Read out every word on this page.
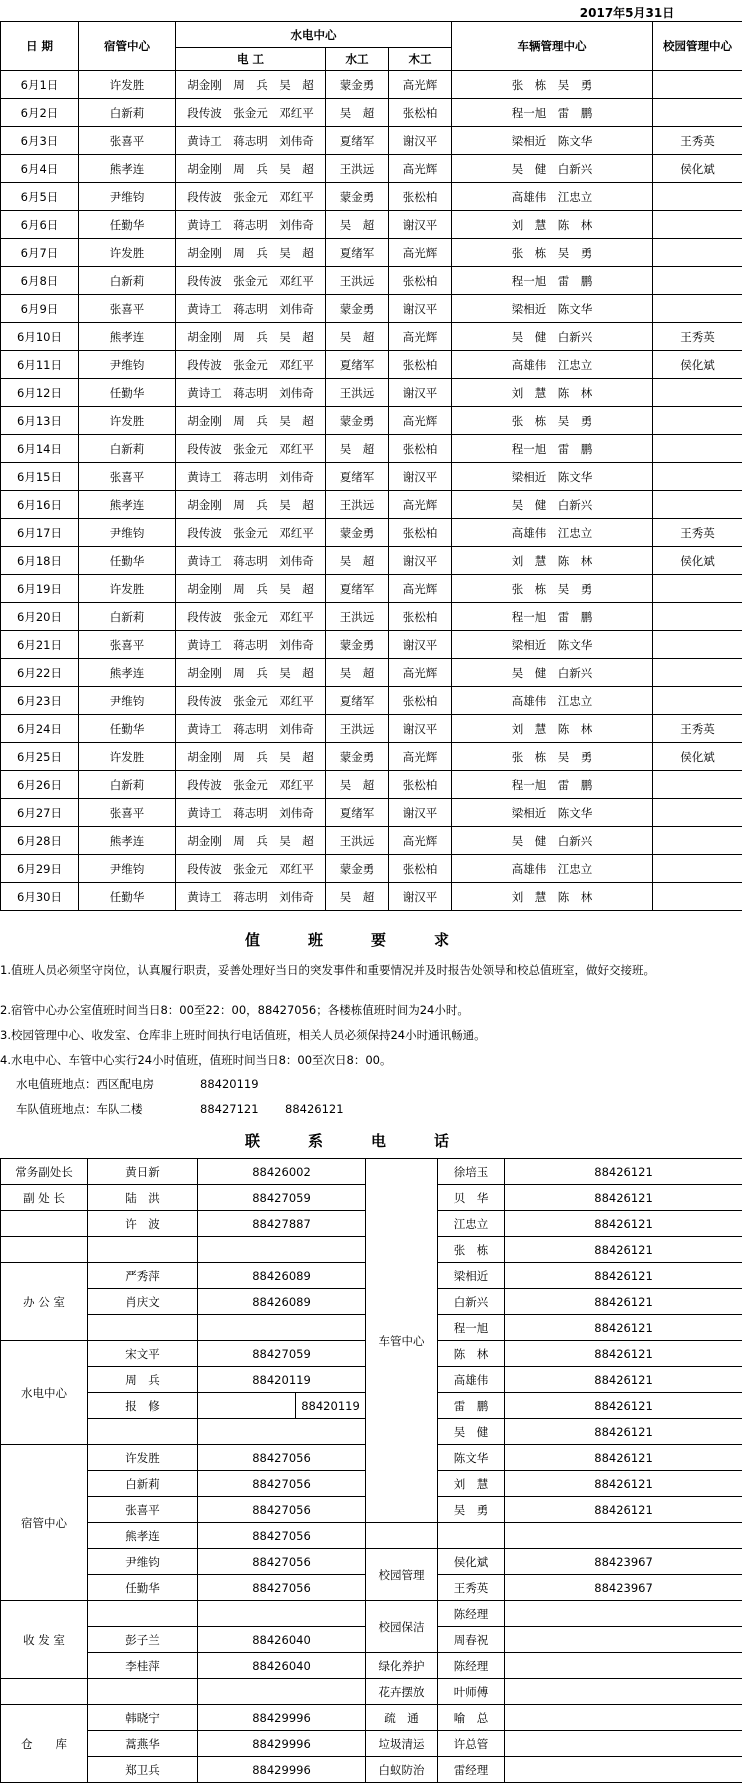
2017年5月31日
日 期	宿管中心	水电中心			车辆管理中心	校园管理中心
		电 工	水工	木工		
6月1日	许发胜	胡金刚　周　兵　吴　超	蒙金勇	高光辉	张　栋　吴　勇	
6月2日	白新莉	段传波　张金元　邓红平	吴　超	张松柏	程一旭　雷　鹏	
6月3日	张喜平	黄诗工　蒋志明　刘伟奇	夏绪军	谢汉平	梁相近　陈文华	王秀英
6月4日	熊孝连	胡金刚　周　兵　吴　超	王洪远	高光辉	吴　健　白新兴	侯化斌
6月5日	尹维钧	段传波　张金元　邓红平	蒙金勇	张松柏	高雄伟　江忠立	
6月6日	任勤华	黄诗工　蒋志明　刘伟奇	吴　超	谢汉平	刘　慧　陈　林	
6月7日	许发胜	胡金刚　周　兵　吴　超	夏绪军	高光辉	张　栋　吴　勇	
6月8日	白新莉	段传波　张金元　邓红平	王洪远	张松柏	程一旭　雷　鹏	
6月9日	张喜平	黄诗工　蒋志明　刘伟奇	蒙金勇	谢汉平	梁相近　陈文华	
6月10日	熊孝连	胡金刚　周　兵　吴　超	吴　超	高光辉	吴　健　白新兴	王秀英
6月11日	尹维钧	段传波　张金元　邓红平	夏绪军	张松柏	高雄伟　江忠立	侯化斌
6月12日	任勤华	黄诗工　蒋志明　刘伟奇	王洪远	谢汉平	刘　慧　陈　林	
6月13日	许发胜	胡金刚　周　兵　吴　超	蒙金勇	高光辉	张　栋　吴　勇	
6月14日	白新莉	段传波　张金元　邓红平	吴　超	张松柏	程一旭　雷　鹏	
6月15日	张喜平	黄诗工　蒋志明　刘伟奇	夏绪军	谢汉平	梁相近　陈文华	
6月16日	熊孝连	胡金刚　周　兵　吴　超	王洪远	高光辉	吴　健　白新兴	
6月17日	尹维钧	段传波　张金元　邓红平	蒙金勇	张松柏	高雄伟　江忠立	王秀英
6月18日	任勤华	黄诗工　蒋志明　刘伟奇	吴　超	谢汉平	刘　慧　陈　林	侯化斌
6月19日	许发胜	胡金刚　周　兵　吴　超	夏绪军	高光辉	张　栋　吴　勇	
6月20日	白新莉	段传波　张金元　邓红平	王洪远	张松柏	程一旭　雷　鹏	
6月21日	张喜平	黄诗工　蒋志明　刘伟奇	蒙金勇	谢汉平	梁相近　陈文华	
6月22日	熊孝连	胡金刚　周　兵　吴　超	吴　超	高光辉	吴　健　白新兴	
6月23日	尹维钧	段传波　张金元　邓红平	夏绪军	张松柏	高雄伟　江忠立	
6月24日	任勤华	黄诗工　蒋志明　刘伟奇	王洪远	谢汉平	刘　慧　陈　林	王秀英
6月25日	许发胜	胡金刚　周　兵　吴　超	蒙金勇	高光辉	张　栋　吴　勇	侯化斌
6月26日	白新莉	段传波　张金元　邓红平	吴　超	张松柏	程一旭　雷　鹏	
6月27日	张喜平	黄诗工　蒋志明　刘伟奇	夏绪军	谢汉平	梁相近　陈文华	
6月28日	熊孝连	胡金刚　周　兵　吴　超	王洪远	高光辉	吴　健　白新兴	
6月29日	尹维钧	段传波　张金元　邓红平	蒙金勇	张松柏	高雄伟　江忠立	
6月30日	任勤华	黄诗工　蒋志明　刘伟奇	吴　超	谢汉平	刘　慧　陈　林	
值班要求
1.值班人员必须坚守岗位，认真履行职责，妥善处理好当日的突发事件和重要情况并及时报告处领导和校总值班室，做好交接班。
2.宿管中心办公室值班时间当日8：00至22：00，88427056；各楼栋值班时间为24小时。
3.校园管理中心、收发室、仓库非上班时间执行电话值班，相关人员必须保持24小时通讯畅通。
4.水电中心、车管中心实行24小时值班，值班时间当日8：00至次日8：00。
水电值班地点：西区配电房	88420119
车队值班地点：车队二楼	88427121 88426121
联系电话
常务副处长	黄日新	88426002		车管中心	徐培玉	88426121
副 处 长	陆　洪	88427059			贝　华	88426121
	许　波	88427887			江忠立	88426121
					张　栋	88426121
办 公 室	严秀萍	88426089			梁相近	88426121
	肖庆文	88426089			白新兴	88426121
					程一旭	88426121
水电中心	宋文平	88427059			陈　林	88426121
	周　兵	88420119			高雄伟	88426121
	报　修		88420119		雷　鹏	88426121
					吴　健	88426121
宿管中心	许发胜	88427056			陈文华	88426121
	白新莉	88427056			刘　慧	88426121
	张喜平	88427056			吴　勇	88426121
	熊孝连	88427056				
	尹维钧	88427056		校园管理	侯化斌	88423967
	任勤华	88427056			王秀英	88423967
收 发 室				校园保洁	陈经理	
	彭子兰	88426040			周春祝	
	李桂萍	88426040		绿化养护	陈经理	
				花卉摆放	叶师傅	
仓　　库	韩晓宁	88429996		疏　通	喻　总	
	蒿燕华	88429996		垃圾清运	许总管	
	郑卫兵	88429996		白蚁防治	雷经理	
